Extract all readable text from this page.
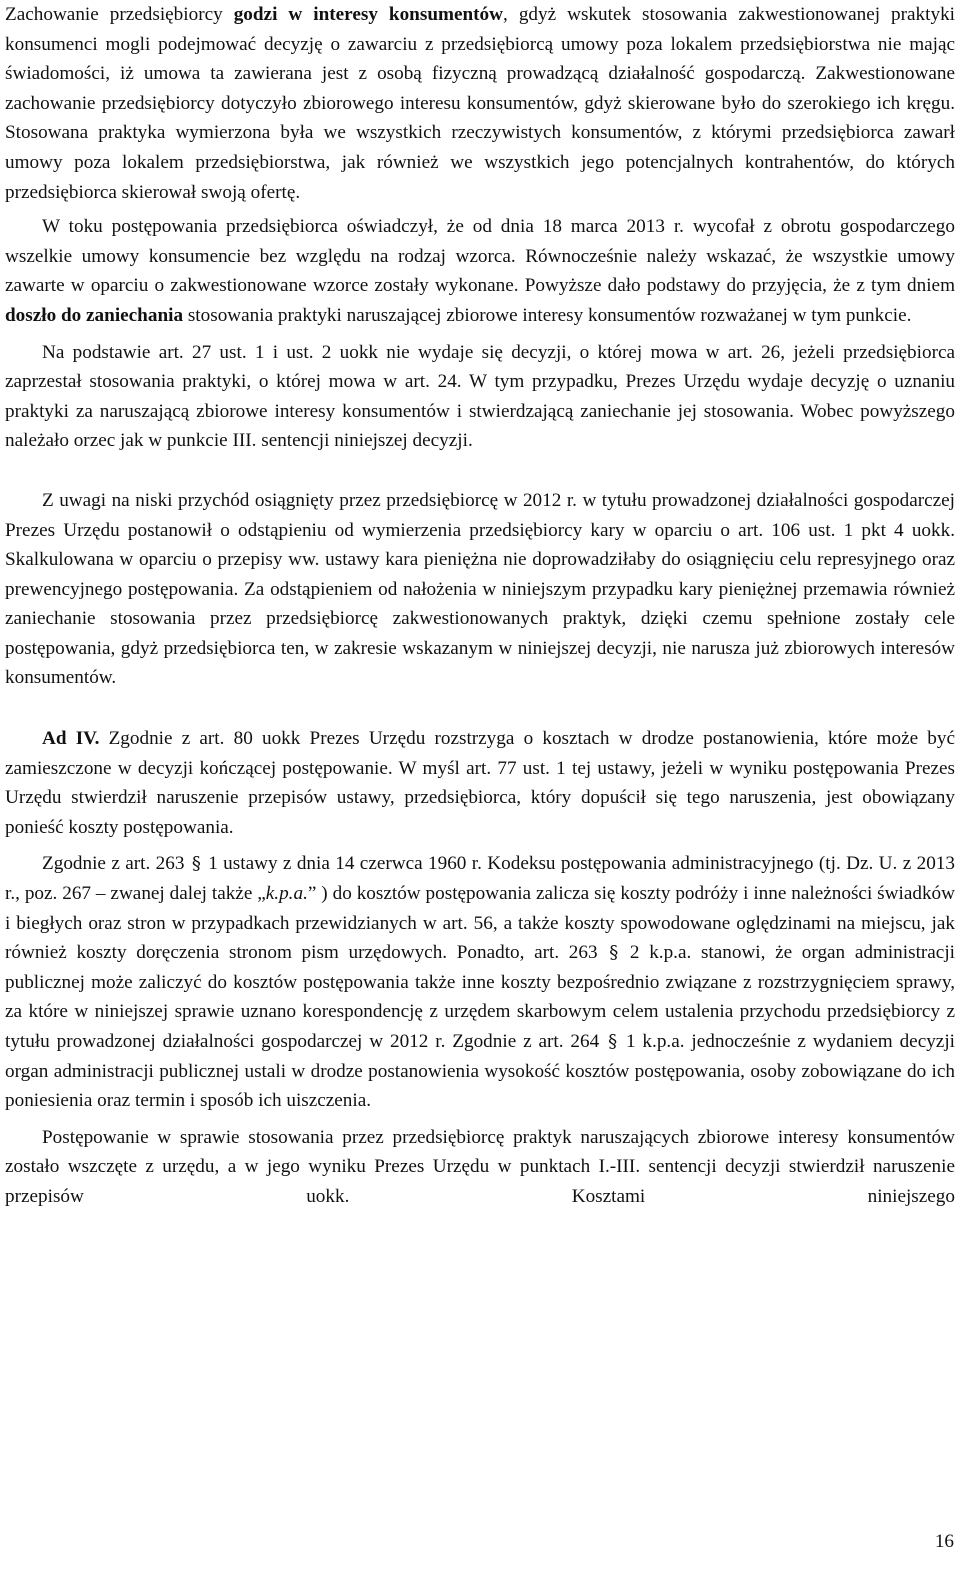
Zachowanie przedsiębiorcy godzi w interesy konsumentów, gdyż wskutek stosowania zakwestionowanej praktyki konsumenci mogli podejmować decyzję o zawarciu z przedsiębiorcą umowy poza lokalem przedsiębiorstwa nie mając świadomości, iż umowa ta zawierana jest z osobą fizyczną prowadzącą działalność gospodarczą. Zakwestionowane zachowanie przedsiębiorcy dotyczyło zbiorowego interesu konsumentów, gdyż skierowane było do szerokiego ich kręgu. Stosowana praktyka wymierzona była we wszystkich rzeczywistych konsumentów, z którymi przedsiębiorca zawarł umowy poza lokalem przedsiębiorstwa, jak również we wszystkich jego potencjalnych kontrahentów, do których przedsiębiorca skierował swoją ofertę.

W toku postępowania przedsiębiorca oświadczył, że od dnia 18 marca 2013 r. wycofał z obrotu gospodarczego wszelkie umowy konsumencie bez względu na rodzaj wzorca. Równocześnie należy wskazać, że wszystkie umowy zawarte w oparciu o zakwestionowane wzorce zostały wykonane. Powyższe dało podstawy do przyjęcia, że z tym dniem doszło do zaniechania stosowania praktyki naruszającej zbiorowe interesy konsumentów rozważanej w tym punkcie.

Na podstawie art. 27 ust. 1 i ust. 2 uokk nie wydaje się decyzji, o której mowa w art. 26, jeżeli przedsiębiorca zaprzestał stosowania praktyki, o której mowa w art. 24. W tym przypadku, Prezes Urzędu wydaje decyzję o uznaniu praktyki za naruszającą zbiorowe interesy konsumentów i stwierdzającą zaniechanie jej stosowania. Wobec powyższego należało orzec jak w punkcie III. sentencji niniejszej decyzji.

Z uwagi na niski przychód osiągnięty przez przedsiębiorcę w 2012 r. w tytułu prowadzonej działalności gospodarczej Prezes Urzędu postanowił o odstąpieniu od wymierzenia przedsiębiorcy kary w oparciu o art. 106 ust. 1 pkt 4 uokk. Skalkulowana w oparciu o przepisy ww. ustawy kara pieniężna nie doprowadziłaby do osiągnięciu celu represyjnego oraz prewencyjnego postępowania. Za odstąpieniem od nałożenia w niniejszym przypadku kary pieniężnej przemawia również zaniechanie stosowania przez przedsiębiorcę zakwestionowanych praktyk, dzięki czemu spełnione zostały cele postępowania, gdyż przedsiębiorca ten, w zakresie wskazanym w niniejszej decyzji, nie narusza już zbiorowych interesów konsumentów.

Ad IV. Zgodnie z art. 80 uokk Prezes Urzędu rozstrzyga o kosztach w drodze postanowienia, które może być zamieszczone w decyzji kończącej postępowanie. W myśl art. 77 ust. 1 tej ustawy, jeżeli w wyniku postępowania Prezes Urzędu stwierdził naruszenie przepisów ustawy, przedsiębiorca, który dopuścił się tego naruszenia, jest obowiązany ponieść koszty postępowania.

Zgodnie z art. 263 § 1 ustawy z dnia 14 czerwca 1960 r. Kodeksu postępowania administracyjnego (tj. Dz. U. z 2013 r., poz. 267 – zwanej dalej także „k.p.a.” ) do kosztów postępowania zalicza się koszty podróży i inne należności świadków i biegłych oraz stron w przypadkach przewidzianych w art. 56, a także koszty spowodowane oględzinami na miejscu, jak również koszty doręczenia stronom pism urzędowych. Ponadto, art. 263 § 2 k.p.a. stanowi, że organ administracji publicznej może zaliczyć do kosztów postępowania także inne koszty bezpośrednio związane z rozstrzygnięciem sprawy, za które w niniejszej sprawie uznano korespondencję z urzędem skarbowym celem ustalenia przychodu przedsiębiorcy z tytułu prowadzonej działalności gospodarczej w 2012 r. Zgodnie z art. 264 § 1 k.p.a. jednocześnie z wydaniem decyzji organ administracji publicznej ustali w drodze postanowienia wysokość kosztów postępowania, osoby zobowiązane do ich poniesienia oraz termin i sposób ich uiszczenia.

Postępowanie w sprawie stosowania przez przedsiębiorcę praktyk naruszających zbiorowe interesy konsumentów zostało wszczęte z urzędu, a w jego wyniku Prezes Urzędu w punktach I.-III. sentencji decyzji stwierdził naruszenie przepisów uokk. Kosztami niniejszego

16
